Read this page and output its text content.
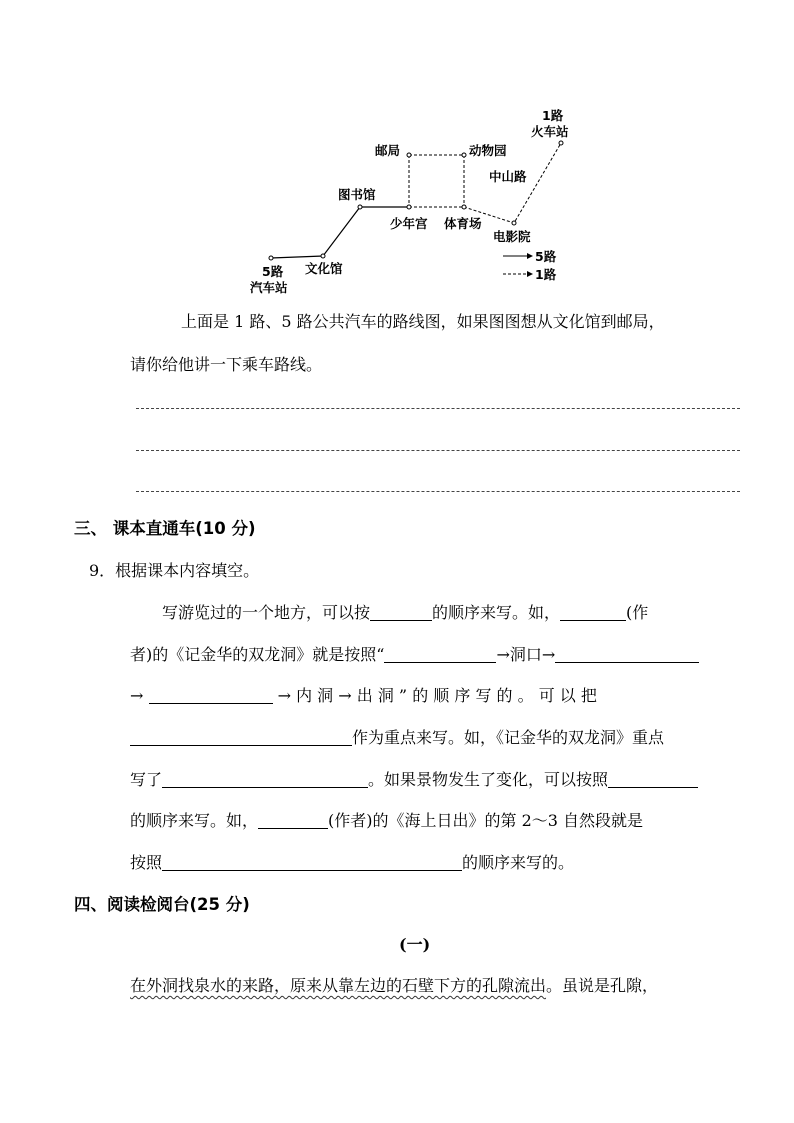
1路
火车站
邮局	动物园
中山路
图书馆
少年宫 体育场
电影院
5路
汽车站
文化馆
5路
1路
上面是 1 路、5 路公共汽车的路线图，如果图图想从文化馆到邮局，
请你给他讲一下乘车路线。
三、 课本直通车(10 分)
9．根据课本内容填空。
写游览过的一个地方，可以按	的顺序来写。如，	(作
者)的《记金华的双龙洞》就是按照“	→洞口→
→	→ 内 洞 → 出 洞 ” 的 顺 序 写 的 。 可 以 把
作为重点来写。如，《记金华的双龙洞》重点
写了	。如果景物发生了变化，可以按照
的顺序来写。如，	(作者)的《海上日出》的第 2～3 自然段就是
按照	的顺序来写的。
四、阅读检阅台(25 分)
(一)
在外洞找泉水的来路，原来从靠左边的石壁下方的孔隙流出。虽说是孔隙，
